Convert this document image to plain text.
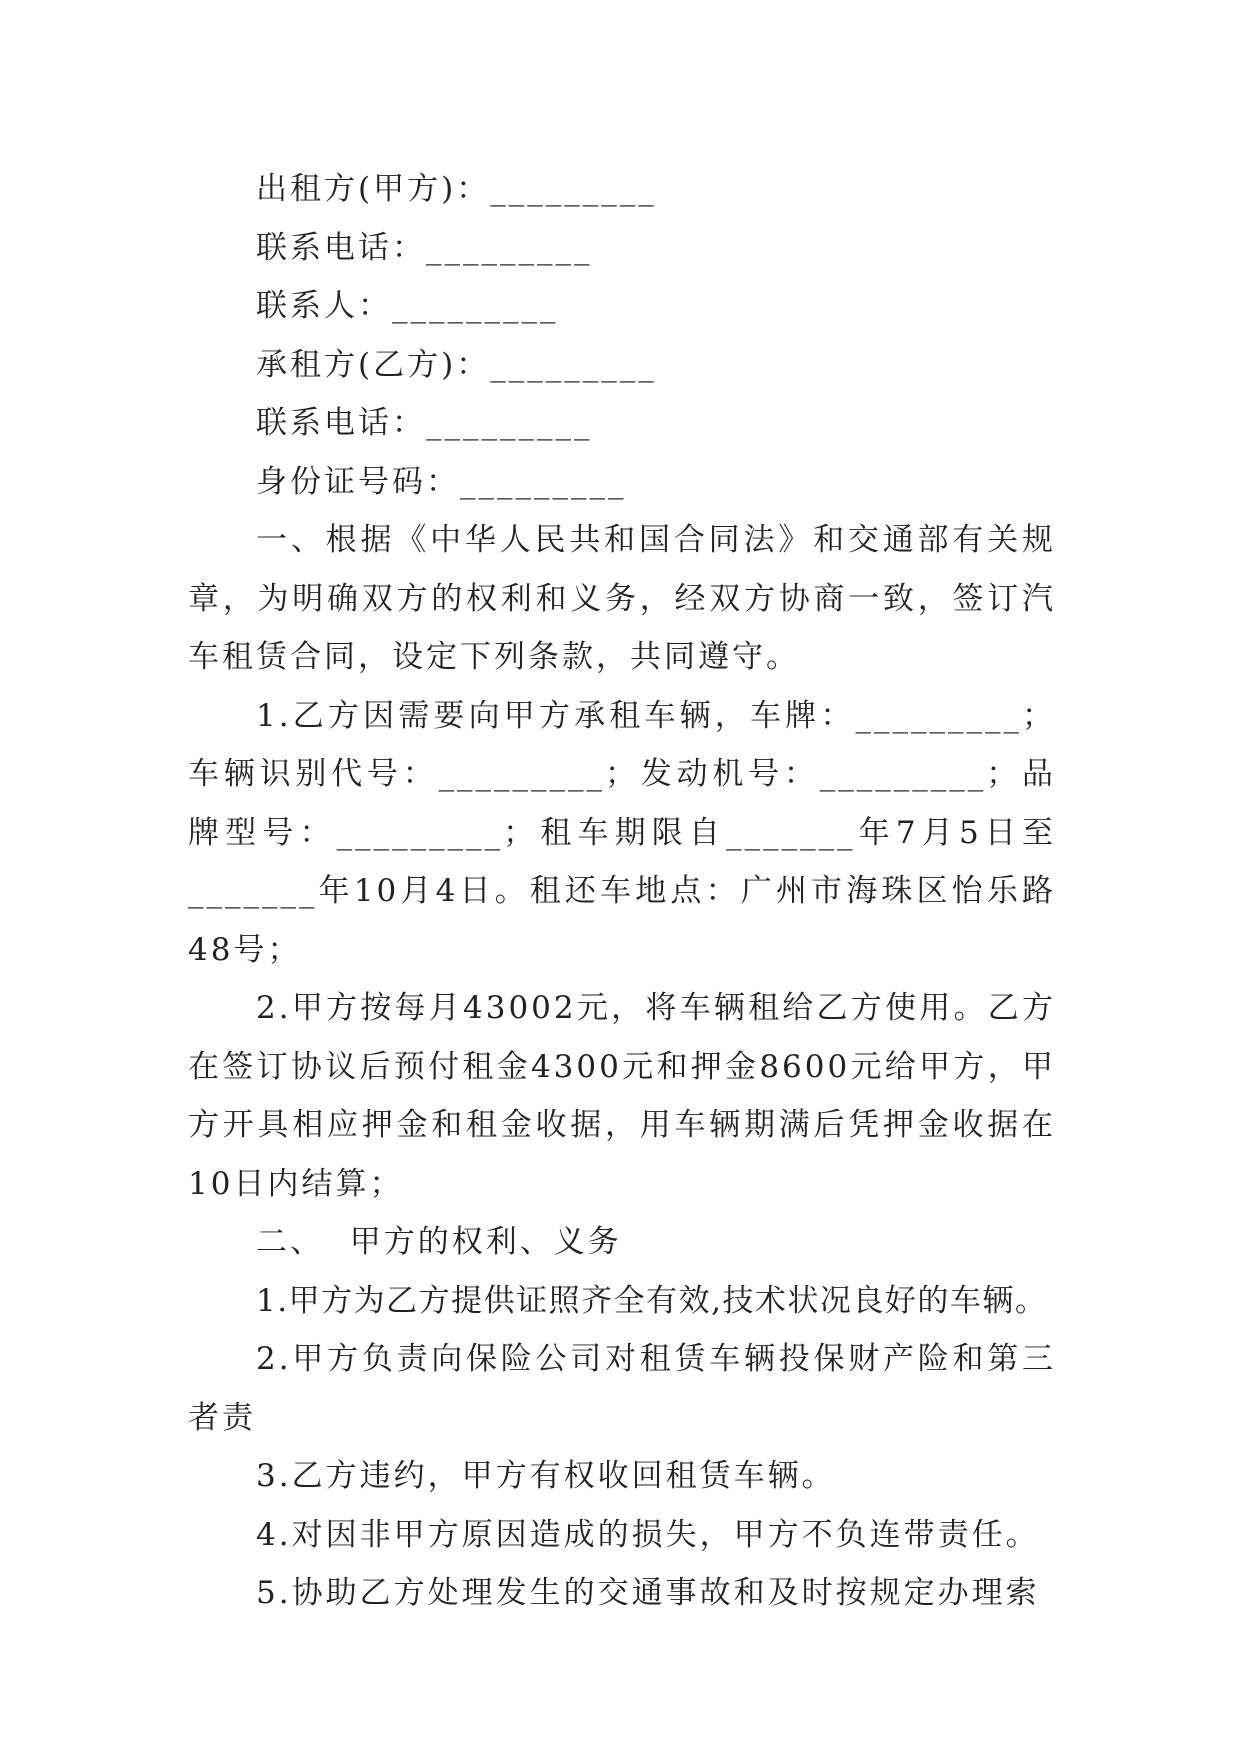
出租方(甲方)：_________

联系电话：_________

联系人：_________

承租方(乙方)：_________

联系电话：_________

身份证号码：_________

一、根据《中华人民共和国合同法》和交通部有关规章，为明确双方的权利和义务，经双方协商一致，签订汽车租赁合同，设定下列条款，共同遵守。

1.乙方因需要向甲方承租车辆，车牌：_________；车辆识别代号：_________；发动机号：_________；品牌型号：_________；租车期限自_______年7月5日至_______年10月4日。租还车地点：广州市海珠区怡乐路48号；

2.甲方按每月43002元，将车辆租给乙方使用。乙方在签订协议后预付租金4300元和押金8600元给甲方，甲方开具相应押金和租金收据，用车辆期满后凭押金收据在10日内结算；

二、  甲方的权利、义务

1.甲方为乙方提供证照齐全有效,技术状况良好的车辆。

2.甲方负责向保险公司对租赁车辆投保财产险和第三者责

3.乙方违约，甲方有权收回租赁车辆。

4.对因非甲方原因造成的损失，甲方不负连带责任。

5.协助乙方处理发生的交通事故和及时按规定办理索
